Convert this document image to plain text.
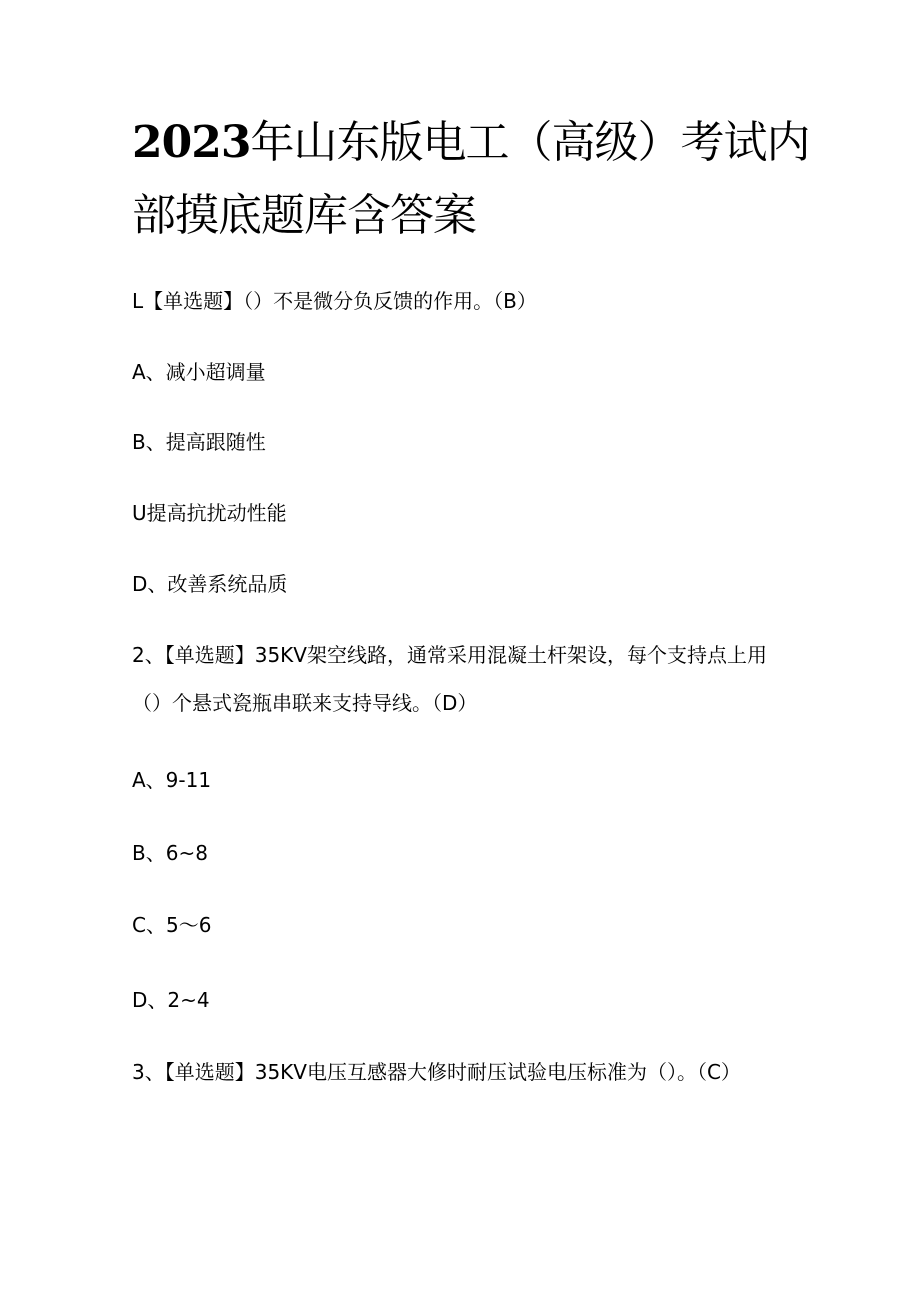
2023年山东版电工（高级）考试内
部摸底题库含答案

L【单选题】（）不是微分负反馈的作用。（B）

A、减小超调量

B、提高跟随性

U提高抗扰动性能

D、改善系统品质

2、【单选题】35KV架空线路，通常采用混凝土杆架设，每个支持点上用

（）个悬式瓷瓶串联来支持导线。（D）

A、9-11

B、6~8

C、5〜6

D、2~4

3、【单选题】35KV电压互感器大修时耐压试验电压标准为（）。（C）
